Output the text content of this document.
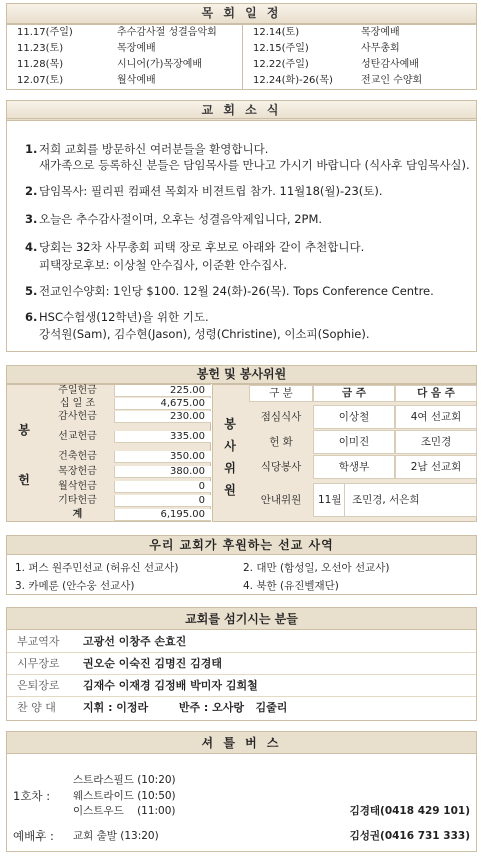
목 회 일 정
11.17(주일)	추수감사절 성결음악회
11.23(토)	목장예배
11.28(목)	시니어(가)목장예배
12.07(토)	월삭예배
12.14(토)	목장예배
12.15(주일)	사무총회
12.22(주일)	성탄감사예배
12.24(화)-26(목)	전교인 수양회
교 회 소 식
1. 저희 교회를 방문하신 여러분들을 환영합니다.
새가족으로 등록하신 분들은 담임목사를 만나고 가시기 바랍니다 (식사후 담임목사실).
2. 담임목사: 필리핀 컴패션 목회자 비젼트립 참가. 11월18(월)-23(토).
3. 오늘은 추수감사절이며, 오후는 성결음악제입니다, 2PM.
4. 당회는 32차 사무총회 피택 장로 후보로 아래와 같이 추천합니다.
피택장로후보: 이상철 안수집사, 이준환 안수집사.
5. 전교인수양회: 1인당 $100. 12월 24(화)-26(목). Tops Conference Centre.
6. HSC수험생(12학년)을 위한 기도.
강석원(Sam), 김수현(Jason), 성령(Christine), 이소피(Sophie).
봉헌 및 봉사위원
봉
헌
주일헌금	225.00
십 일 조	4,675.00
감사헌금	230.00
선교헌금	335.00
건축헌금	350.00
목장헌금	380.00
월삭헌금	0
기타헌금	0
계	6,195.00
봉
사
위
원
구 분	금 주	다 음 주
점심식사	이상철	4여 선교회
헌 화	이미진	조민경
식당봉사	학생부	2남 선교회
안내위원	11월 조민경, 서은희
우리 교회가 후원하는 선교 사역
1. 퍼스 원주민선교 (허유신 선교사)	2. 대만 (함성일, 오선아 선교사)
3. 카메룬 (안수웅 선교사)	4. 북한 (유진벨재단)
교회를 섬기시는 분들
부교역자 고광선 이창주 손효진
시무장로 권오순 이숙진 김명진 김경태
은퇴장로 김재수 이재경 김정배 박미자 김희철
찬 양 대 지휘 : 이정라        반주 : 오사랑   김줄리
셔 틀 버 스
1호차 :
스트라스필드 (10:20)
웨스트라이드 (10:50)
이스트우드    (11:00)	김경태(0418 429 101)
예배후 : 교회 출발 (13:20)	김성권(0416 731 333)
